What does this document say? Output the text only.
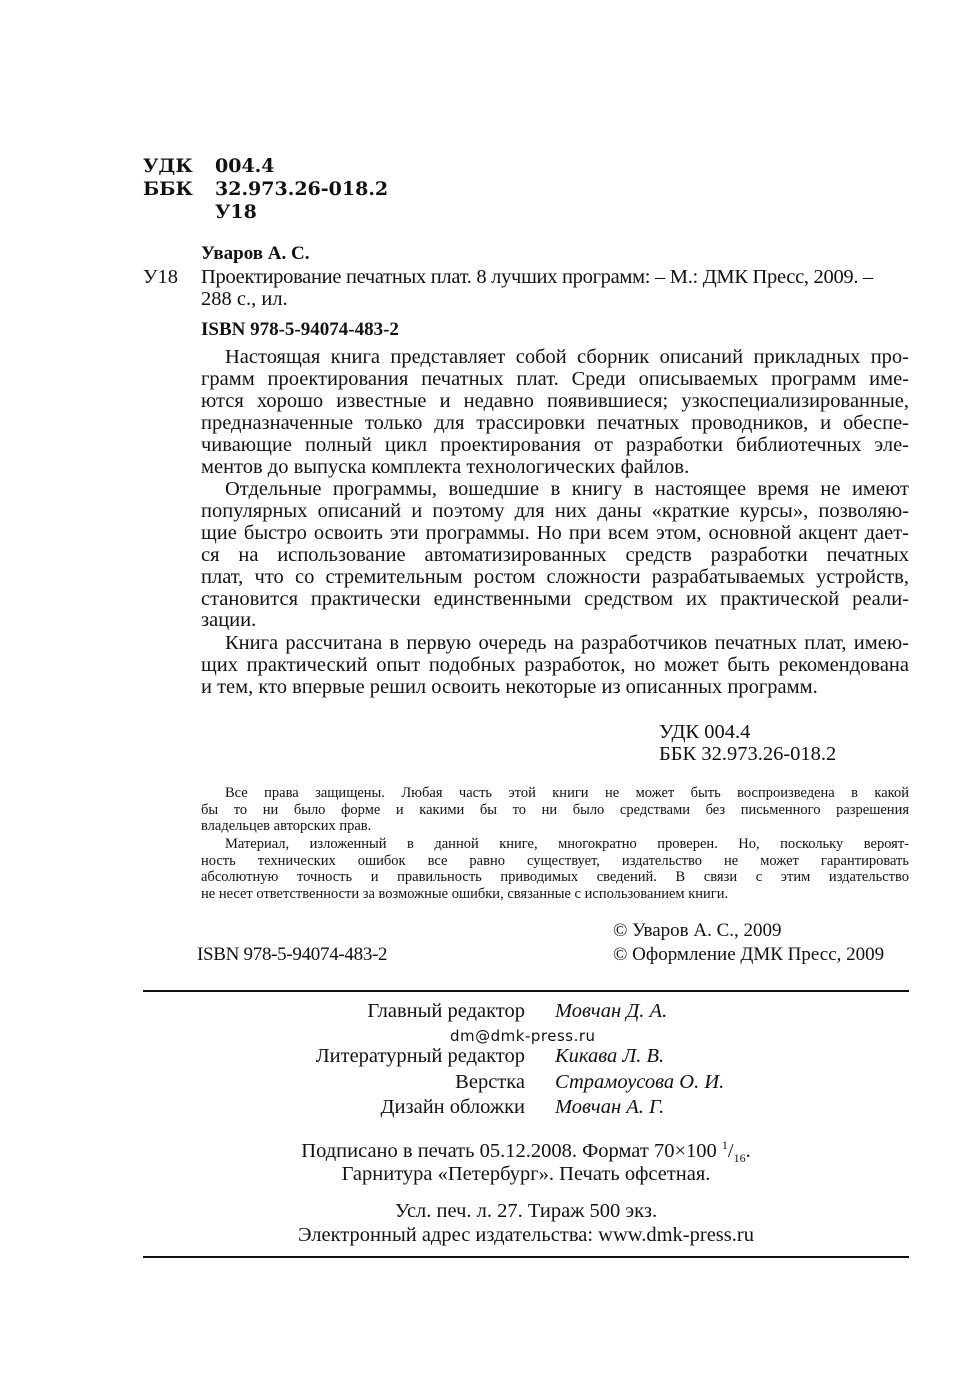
УДК 004.4
ББК 32.973.26-018.2
У18
Уваров А. С.
У18 Проектирование печатных плат. 8 лучших программ: – М.: ДМК Пресс, 2009. –
288 с., ил.
ISBN 978-5-94074-483-2
Настоящая книга представляет собой сборник описаний прикладных про-
грамм проектирования печатных плат. Среди описываемых программ име-
ются хорошо известные и недавно появившиеся; узкоспециализированные,
предназначенные только для трассировки печатных проводников, и обеспе-
чивающие полный цикл проектирования от разработки библиотечных эле-
ментов до выпуска комплекта технологических файлов.
Отдельные программы, вошедшие в книгу в настоящее время не имеют
популярных описаний и поэтому для них даны «краткие курсы», позволяю-
щие быстро освоить эти программы. Но при всем этом, основной акцент дает-
ся на использование автоматизированных средств разработки печатных
плат, что со стремительным ростом сложности разрабатываемых устройств,
становится практически единственными средством их практической реали-
зации.
Книга рассчитана в первую очередь на разработчиков печатных плат, имею-
щих практический опыт подобных разработок, но может быть рекомендована
и тем, кто впервые решил освоить некоторые из описанных программ.
УДК 004.4
ББК 32.973.26-018.2
Все права защищены. Любая часть этой книги не может быть воспроизведена в какой
бы то ни было форме и какими бы то ни было средствами без письменного разрешения
владельцев авторских прав.
Материал, изложенный в данной книге, многократно проверен. Но, поскольку вероят-
ность технических ошибок все равно существует, издательство не может гарантировать
абсолютную точность и правильность приводимых сведений. В связи с этим издательство
не несет ответственности за возможные ошибки, связанные с использованием книги.
© Уваров А. С., 2009
ISBN 978-5-94074-483-2	© Оформление ДМК Пресс, 2009
Главный редактор Мовчан Д. А.
dm@dmk-press.ru
Литературный редактор Кикава Л. В.
Верстка Страмоусова О. И.
Дизайн обложки Мовчан А. Г.
Подписано в печать 05.12.2008. Формат 70×100 $^1/_{16}$.
Гарнитура «Петербург». Печать офсетная.
Усл. печ. л. 27. Тираж 500 экз.
Электронный адрес издательства: www.dmk-press.ru
